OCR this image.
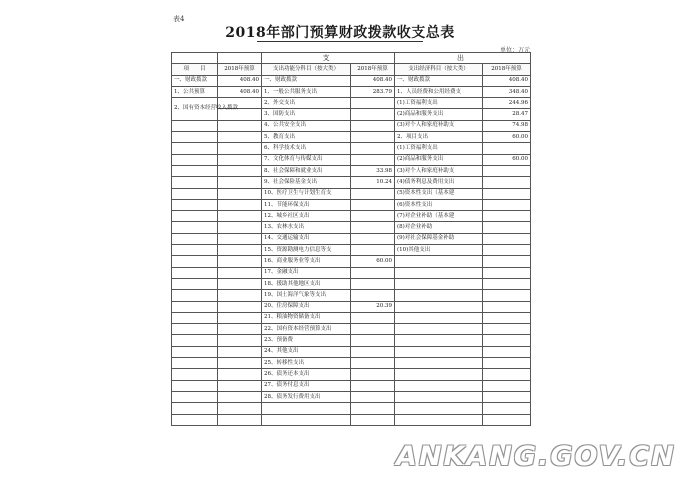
表4
2018年部门预算财政拨款收支总表
单位：万元
		支		出	
项　　目	2018年预算	支出功能分科目（按大类）	2018年预算	支出经济科目（按大类）	2018年预算
一、财政拨款	408.40	一、财政拨款	408.40	一、财政拨款	408.40
1、公共预算	408.40	1、一般公共服务支出	283.79	1、人员经费和公用经费支	348.40
2、国有资本经营收入拨款		2、外交支出		(1)工资福利支出	244.96
		3、国防支出		(2)商品和服务支出	28.47
		4、公共安全支出		(3)对个人和家庭补助支	74.98
		5、教育支出		2、项目支出	60.00
		6、科学技术支出		(1)工资福利支出	
		7、文化体育与传媒支出		(2)商品和服务支出	60.00
		8、社会保障和就业支出	33.98	(3)对个人和家庭补助支	
		9、社会保险基金支出	10.24	(4)债务利息及费用支出	
		10、医疗卫生与计划生育支		(5)资本性支出（基本建	
		11、节能环保支出		(6)资本性支出	
		12、城乡社区支出		(7)对企业补助（基本建	
		13、农林水支出		(8)对企业补助	
		14、交通运输支出		(9)对社会保障基金补助	
		15、资源勘测电力信息等支		(10)其他支出	
		16、商业服务业等支出	60.00		
		17、金融支出			
		18、援助其他地区支出			
		19、国土海洋气象等支出			
		20、住房保障支出	20.39		
		21、粮油物资储备支出			
		22、国有资本经营预算支出			
		23、预备费			
		24、其他支出			
		25、转移性支出			
		26、债务还本支出			
		27、债务付息支出			
		28、债务发行费用支出			

ANKANG.GOV.CN
